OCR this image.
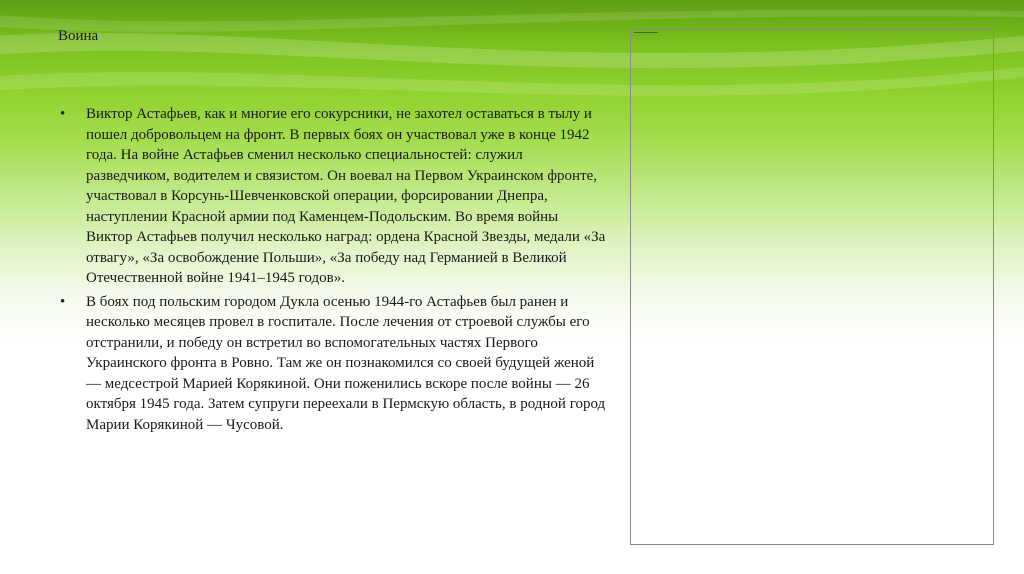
Воина
• Виктор Астафьев, как и многие его сокурсники, не захотел оставаться в тылу и пошел добровольцем на фронт. В первых боях он участвовал уже в конце 1942 года. На войне Астафьев сменил несколько специальностей: служил разведчиком, водителем и связистом. Он воевал на Первом Украинском фронте, участвовал в Корсунь-Шевченковской операции, форсировании Днепра, наступлении Красной армии под Каменцем-Подольским. Во время войны Виктор Астафьев получил несколько наград: ордена Красной Звезды, медали «За отвагу», «За освобождение Польши», «За победу над Германией в Великой Отечественной войне 1941–1945 годов».
• В боях под польским городом Дукла осенью 1944-го Астафьев был ранен и несколько месяцев провел в госпитале. После лечения от строевой службы его отстранили, и победу он встретил во вспомогательных частях Первого Украинского фронта в Ровно. Там же он познакомился со своей будущей женой — медсестрой Марией Корякиной. Они поженились вскоре после войны — 26 октября 1945 года. Затем супруги переехали в Пермскую область, в родной город Марии Корякиной — Чусовой.
